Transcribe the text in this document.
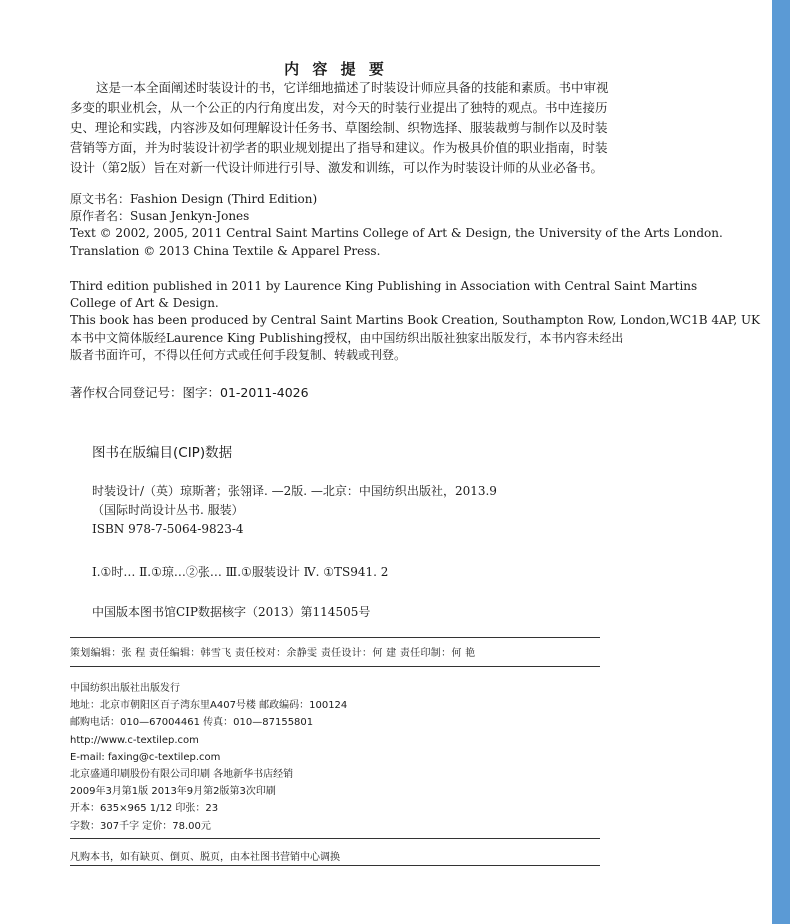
内 容 提 要
这是一本全面阐述时装设计的书，它详细地描述了时装设计师应具备的技能和素质。书中审视
多变的职业机会，从一个公正的内行角度出发，对今天的时装行业提出了独特的观点。书中连接历
史、理论和实践，内容涉及如何理解设计任务书、草图绘制、织物选择、服装裁剪与制作以及时装
营销等方面，并为时装设计初学者的职业规划提出了指导和建议。作为极具价值的职业指南，时装
设计（第2版）旨在对新一代设计师进行引导、激发和训练，可以作为时装设计师的从业必备书。
原文书名：Fashion Design (Third Edition)
原作者名：Susan Jenkyn-Jones
Text © 2002, 2005, 2011 Central Saint Martins College of Art & Design, the University of the Arts London.
Translation © 2013 China Textile & Apparel Press.
Third edition published in 2011 by Laurence King Publishing in Association with Central Saint Martins
College of Art & Design.
This book has been produced by Central Saint Martins Book Creation, Southampton Row, London,WC1B 4AP, UK
本书中文简体版经Laurence King Publishing授权，由中国纺织出版社独家出版发行，本书内容未经出
版者书面许可，不得以任何方式或任何手段复制、转载或刊登。
著作权合同登记号：图字：01-2011-4026
图书在版编目(CIP)数据
时装设计/（英）琼斯著；张翎译. —2版. —北京：中国纺织出版社，2013.9
（国际时尚设计丛书. 服装）
ISBN 978-7-5064-9823-4
Ⅰ.①时… Ⅱ.①琼…②张… Ⅲ.①服装设计 Ⅳ. ①TS941. 2
中国版本图书馆CIP数据核字（2013）第114505号
策划编辑：张 程 责任编辑：韩雪飞 责任校对：余静雯 责任设计：何 建 责任印制：何 艳
中国纺织出版社出版发行
地址：北京市朝阳区百子湾东里A407号楼 邮政编码：100124
邮购电话：010—67004461 传真：010—87155801
http://www.c-textilep.com
E-mail: faxing@c-textilep.com
北京盛通印刷股份有限公司印刷 各地新华书店经销
2009年3月第1版 2013年9月第2版第3次印刷
开本：635×965 1/12 印张：23
字数：307千字 定价：78.00元
凡购本书，如有缺页、倒页、脱页，由本社图书营销中心调换
